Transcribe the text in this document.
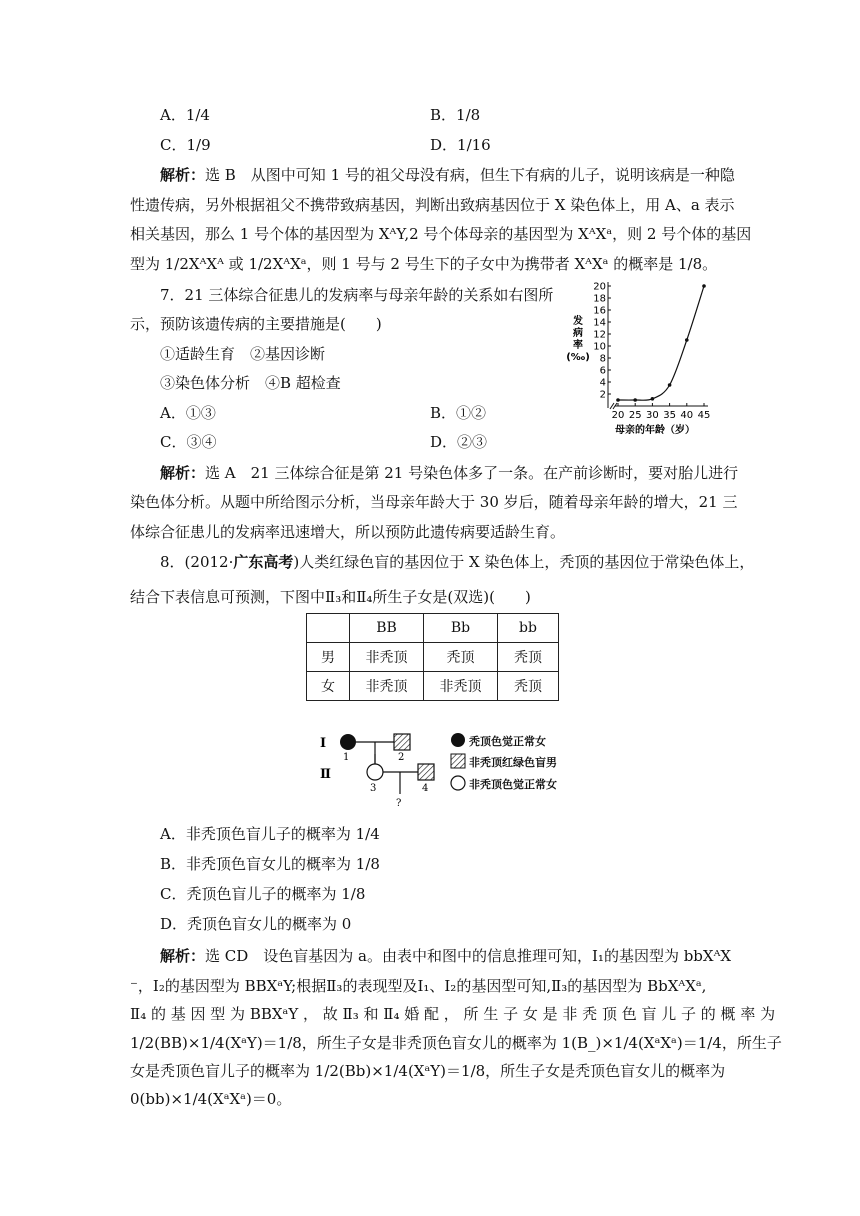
A．1/4	B．1/8
C．1/9	D．1/16
解析：选 B　从图中可知 1 号的祖父母没有病，但生下有病的儿子，说明该病是一种隐
性遗传病，另外根据祖父不携带致病基因，判断出致病基因位于 X 染色体上，用 A、a 表示
相关基因，那么 1 号个体的基因型为 XᴬY,2 号个体母亲的基因型为 XᴬXᵃ，则 2 号个体的基因
型为 1/2XᴬXᴬ 或 1/2XᴬXᵃ，则 1 号与 2 号生下的子女中为携带者 XᴬXᵃ 的概率是 1/8。
7．21 三体综合征患儿的发病率与母亲年龄的关系如右图所
示，预防该遗传病的主要措施是(　　)
①适龄生育　②基因诊断
③染色体分析　④B 超检查
A．①③	B．①②
C．③④	D．②③
2
4
6
8
10
12
14
16
18
20
20 25 30 35 40 45
发
病
率
(‰)
母亲的年龄（岁）
解析：选 A　21 三体综合征是第 21 号染色体多了一条。在产前诊断时，要对胎儿进行
染色体分析。从题中所给图示分析，当母亲年龄大于 30 岁后，随着母亲年龄的增大，21 三
体综合征患儿的发病率迅速增大，所以预防此遗传病要适龄生育。
8．(2012·广东高考)人类红绿色盲的基因位于 X 染色体上，秃顶的基因位于常染色体上，
结合下表信息可预测，下图中Ⅱ₃和Ⅱ₄所生子女是(双选)(　　)
	BB	Bb	bb
男	非秃顶	秃顶	秃顶
女	非秃顶	非秃顶	秃顶
Ⅰ
Ⅱ
1	2
3	4
?
秃顶色觉正常女
非秃顶红绿色盲男
非秃顶色觉正常女
A．非秃顶色盲儿子的概率为 1/4
B．非秃顶色盲女儿的概率为 1/8
C．秃顶色盲儿子的概率为 1/8
D．秃顶色盲女儿的概率为 0
解析：选 CD　设色盲基因为 a。由表中和图中的信息推理可知，Ⅰ₁的基因型为 bbXᴬX
⁻，Ⅰ₂的基因型为 BBXᵃY;根据Ⅱ₃的表现型及Ⅰ₁、Ⅰ₂的基因型可知,Ⅱ₃的基因型为 BbXᴬXᵃ,
Ⅱ₄ 的 基 因 型 为 BBXᵃY ， 故 Ⅱ₃ 和 Ⅱ₄ 婚 配 ， 所 生 子 女 是 非 秃 顶 色 盲 儿 子 的 概 率 为
1/2(BB)×1/4(XᵃY)＝1/8，所生子女是非秃顶色盲女儿的概率为 1(B_)×1/4(XᵃXᵃ)＝1/4，所生子
女是秃顶色盲儿子的概率为 1/2(Bb)×1/4(XᵃY)＝1/8，所生子女是秃顶色盲女儿的概率为
0(bb)×1/4(XᵃXᵃ)＝0。
